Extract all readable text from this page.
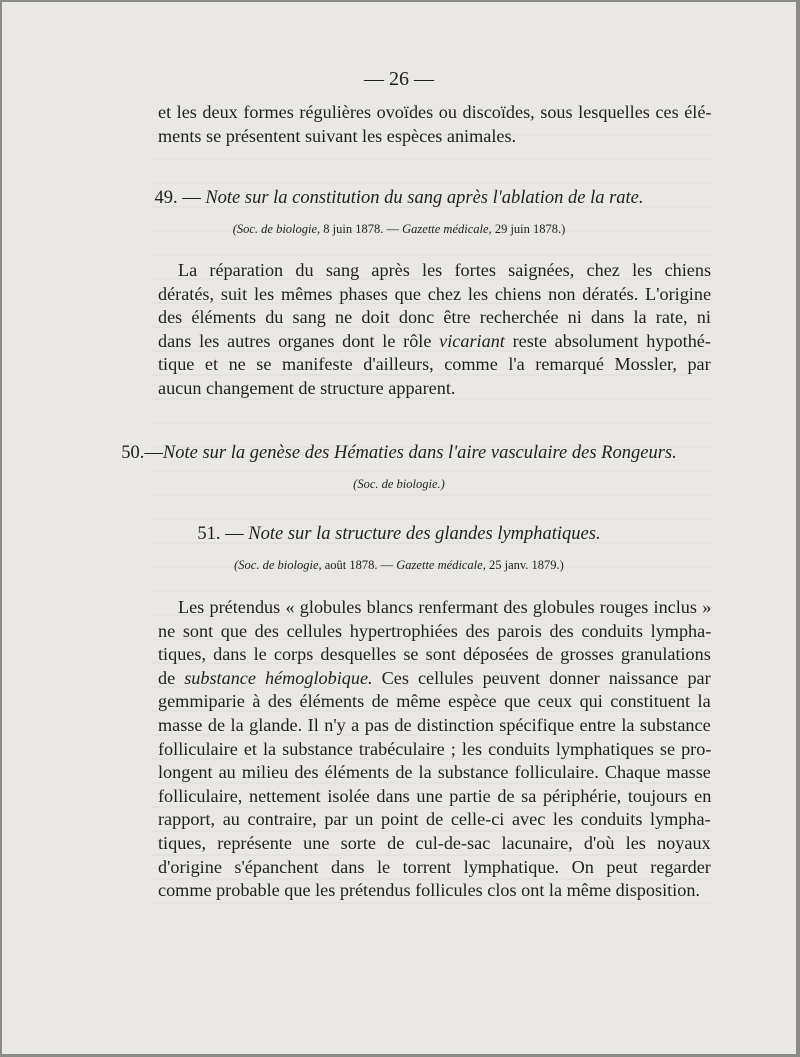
— 26 —

et les deux formes régulières ovoïdes ou discoïdes, sous lesquelles ces élé-
ments se présentent suivant les espèces animales.

49. — Note sur la constitution du sang après l'ablation de la rate.

(Soc. de biologie, 8 juin 1878. — Gazette médicale, 29 juin 1878.)

La réparation du sang après les fortes saignées, chez les chiens
dératés, suit les mêmes phases que chez les chiens non dératés. L'origine
des éléments du sang ne doit donc être recherchée ni dans la rate, ni
dans les autres organes dont le rôle vicariant reste absolument hypothé-
tique et ne se manifeste d'ailleurs, comme l'a remarqué Mossler, par
aucun changement de structure apparent.

50.—Note sur la genèse des Hématies dans l'aire vasculaire des Rongeurs.

(Soc. de biologie.)

51. — Note sur la structure des glandes lymphatiques.

(Soc. de biologie, août 1878. — Gazette médicale, 25 janv. 1879.)

Les prétendus « globules blancs renfermant des globules rouges inclus »
ne sont que des cellules hypertrophiées des parois des conduits lympha-
tiques, dans le corps desquelles se sont déposées de grosses granulations
de substance hémoglobique. Ces cellules peuvent donner naissance par
gemmiparie à des éléments de même espèce que ceux qui constituent la
masse de la glande. Il n'y a pas de distinction spécifique entre la substance
folliculaire et la substance trabéculaire ; les conduits lymphatiques se pro-
longent au milieu des éléments de la substance folliculaire. Chaque masse
folliculaire, nettement isolée dans une partie de sa périphérie, toujours en
rapport, au contraire, par un point de celle-ci avec les conduits lympha-
tiques, représente une sorte de cul-de-sac lacunaire, d'où les noyaux
d'origine s'épanchent dans le torrent lymphatique. On peut regarder
comme probable que les prétendus follicules clos ont la même disposition.
